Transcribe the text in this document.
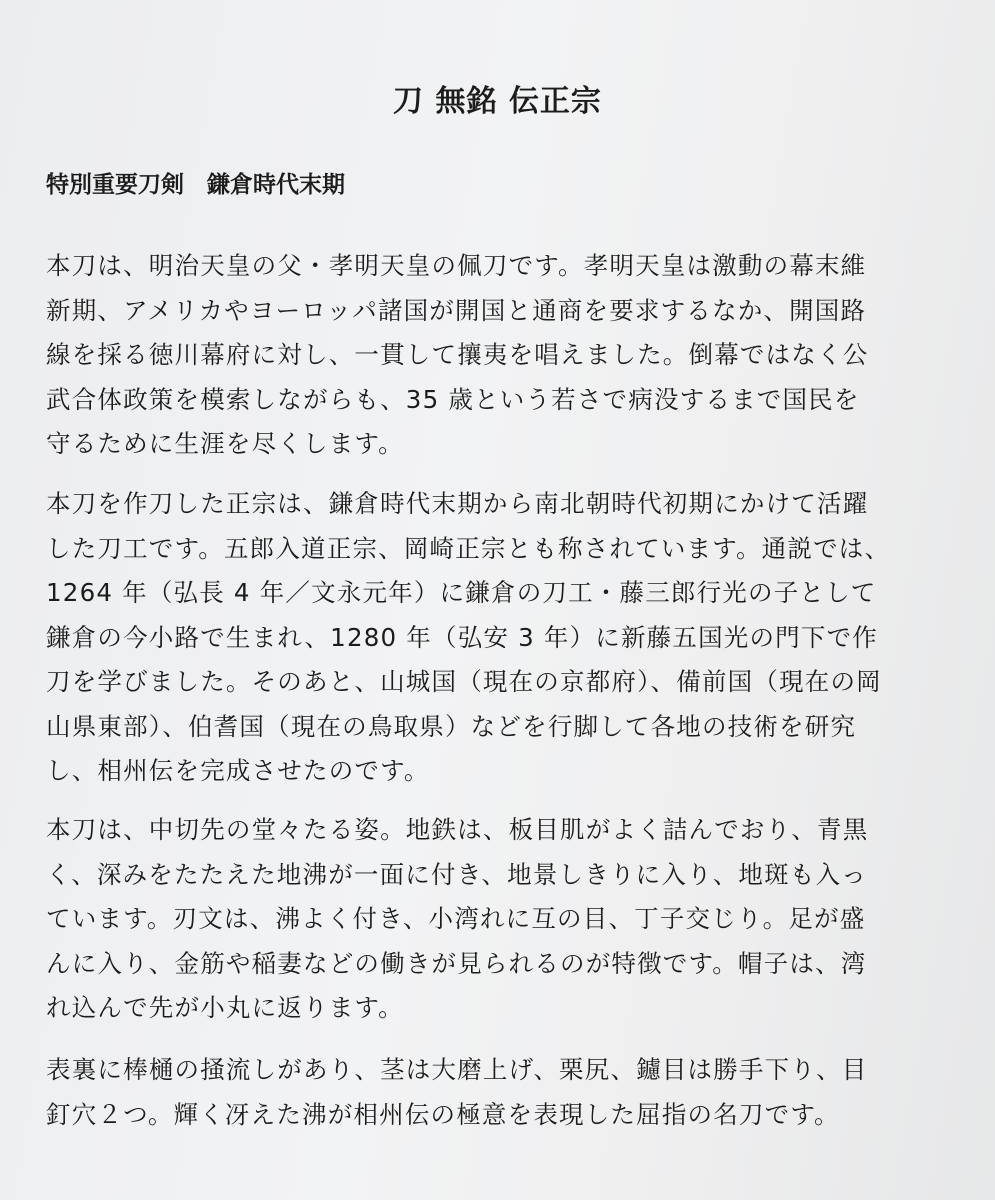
刀 無銘 伝正宗
特別重要刀剣　鎌倉時代末期
本刀は、明治天皇の父・孝明天皇の佩刀です。孝明天皇は激動の幕末維
新期、アメリカやヨーロッパ諸国が開国と通商を要求するなか、開国路
線を採る徳川幕府に対し、一貫して攘夷を唱えました。倒幕ではなく公
武合体政策を模索しながらも、35 歳という若さで病没するまで国民を
守るために生涯を尽くします。
本刀を作刀した正宗は、鎌倉時代末期から南北朝時代初期にかけて活躍
した刀工です。五郎入道正宗、岡崎正宗とも称されています。通説では、
1264 年（弘長 4 年／文永元年）に鎌倉の刀工・藤三郎行光の子として
鎌倉の今小路で生まれ、1280 年（弘安 3 年）に新藤五国光の門下で作
刀を学びました。そのあと、山城国（現在の京都府）、備前国（現在の岡
山県東部）、伯耆国（現在の鳥取県）などを行脚して各地の技術を研究
し、相州伝を完成させたのです。
本刀は、中切先の堂々たる姿。地鉄は、板目肌がよく詰んでおり、青黒
く、深みをたたえた地沸が一面に付き、地景しきりに入り、地斑も入っ
ています。刃文は、沸よく付き、小湾れに互の目、丁子交じり。足が盛
んに入り、金筋や稲妻などの働きが見られるのが特徴です。帽子は、湾
れ込んで先が小丸に返ります。
表裏に棒樋の掻流しがあり、茎は大磨上げ、栗尻、鑢目は勝手下り、目
釘穴２つ。輝く冴えた沸が相州伝の極意を表現した屈指の名刀です。
